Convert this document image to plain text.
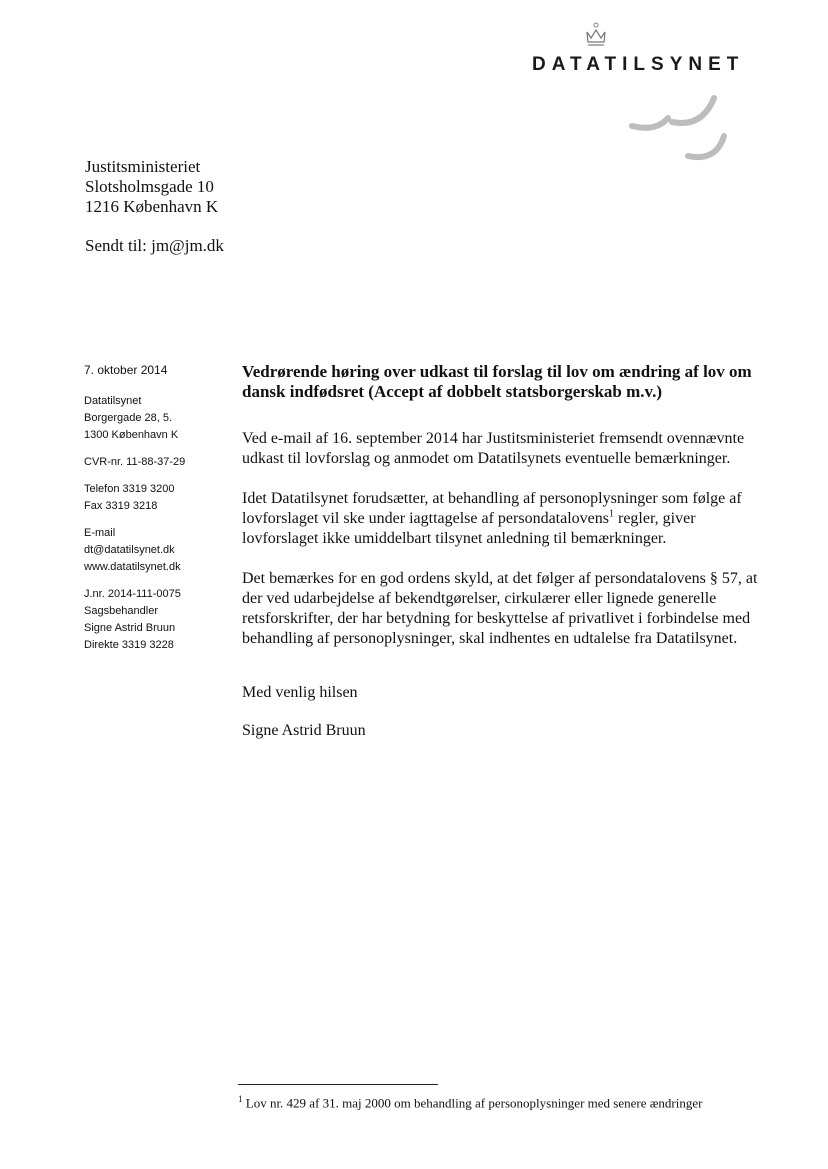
DATATILSYNET
Justitsministeriet
Slotsholmsgade 10
1216 København K
Sendt til: jm@jm.dk
7. oktober 2014
Datatilsynet
Borgergade 28, 5.
1300 København K
CVR-nr. 11-88-37-29
Telefon 3319 3200
Fax 3319 3218
E-mail
dt@datatilsynet.dk
www.datatilsynet.dk
J.nr. 2014-111-0075
Sagsbehandler
Signe Astrid Bruun
Direkte 3319 3228

Vedrørende høring over udkast til forslag til lov om ændring af lov om dansk indfødsret (Accept af dobbelt statsborgerskab m.v.)

Ved e-mail af 16. september 2014 har Justitsministeriet fremsendt ovennævnte udkast til lovforslag og anmodet om Datatilsynets eventuelle bemærkninger.

Idet Datatilsynet forudsætter, at behandling af personoplysninger som følge af lovforslaget vil ske under iagttagelse af persondatalovens$^1$ regler, giver lovforslaget ikke umiddelbart tilsynet anledning til bemærkninger.

Det bemærkes for en god ordens skyld, at det følger af persondatalovens § 57, at der ved udarbejdelse af bekendtgørelser, cirkulærer eller lignede generelle retsforskrifter, der har betydning for beskyttelse af privatlivet i forbindelse med behandling af personoplysninger, skal indhentes en udtalelse fra Datatilsynet.

Med venlig hilsen
Signe Astrid Bruun
$^1$ Lov nr. 429 af 31. maj 2000 om behandling af personoplysninger med senere ændringer
